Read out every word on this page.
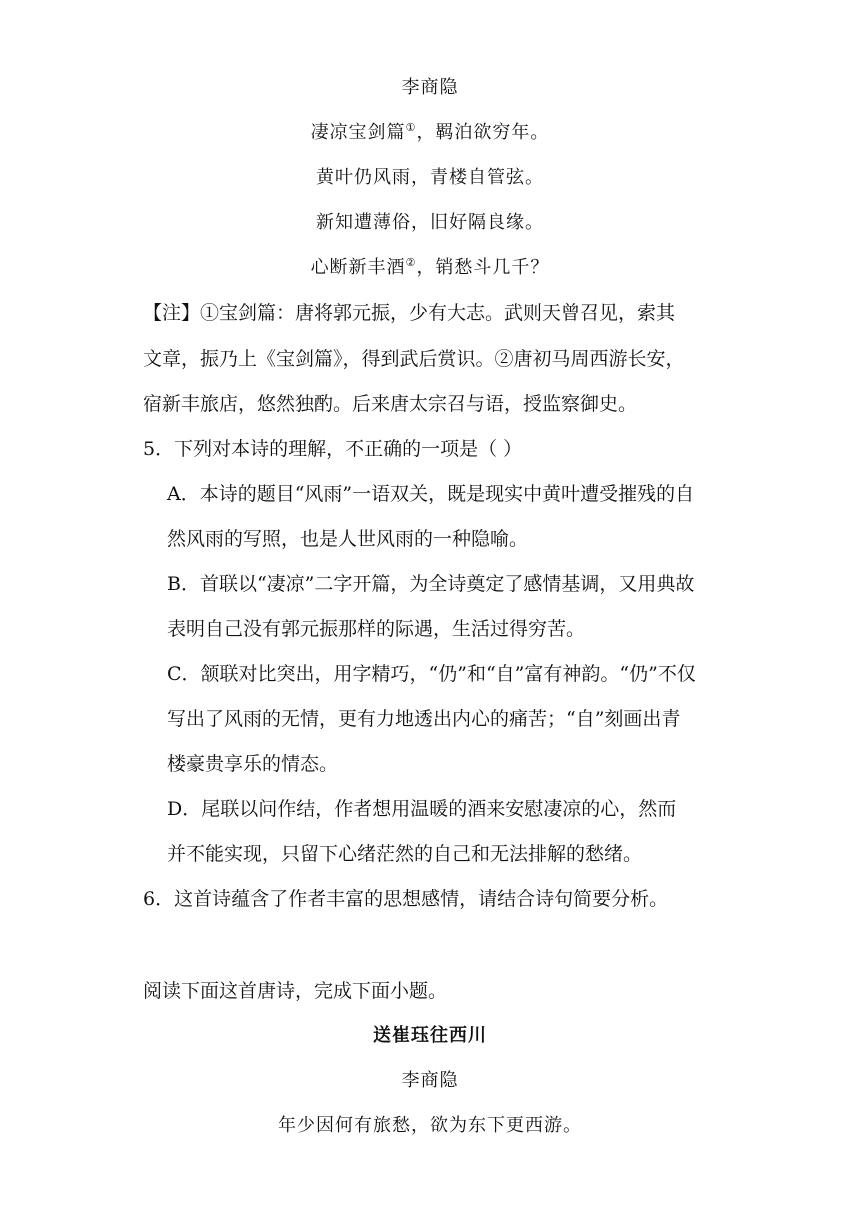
李商隐
凄凉宝剑篇①，羁泊欲穷年。
黄叶仍风雨，青楼自管弦。
新知遭薄俗，旧好隔良缘。
心断新丰酒②，销愁斗几千？
【注】①宝剑篇：唐将郭元振，少有大志。武则天曾召见，索其
文章，振乃上《宝剑篇》，得到武后赏识。②唐初马周西游长安，
宿新丰旅店，悠然独酌。后来唐太宗召与语，授监察御史。
5．下列对本诗的理解，不正确的一项是（ ）
A．本诗的题目“风雨”一语双关，既是现实中黄叶遭受摧残的自
然风雨的写照，也是人世风雨的一种隐喻。
B．首联以“凄凉”二字开篇，为全诗奠定了感情基调，又用典故
表明自己没有郭元振那样的际遇，生活过得穷苦。
C．颔联对比突出，用字精巧，“仍”和“自”富有神韵。“仍”不仅
写出了风雨的无情，更有力地透出内心的痛苦；“自”刻画出青
楼豪贵享乐的情态。
D．尾联以问作结，作者想用温暖的酒来安慰凄凉的心，然而
并不能实现，只留下心绪茫然的自己和无法排解的愁绪。
6．这首诗蕴含了作者丰富的思想感情，请结合诗句简要分析。
阅读下面这首唐诗，完成下面小题。
送崔珏往西川
李商隐
年少因何有旅愁，欲为东下更西游。
